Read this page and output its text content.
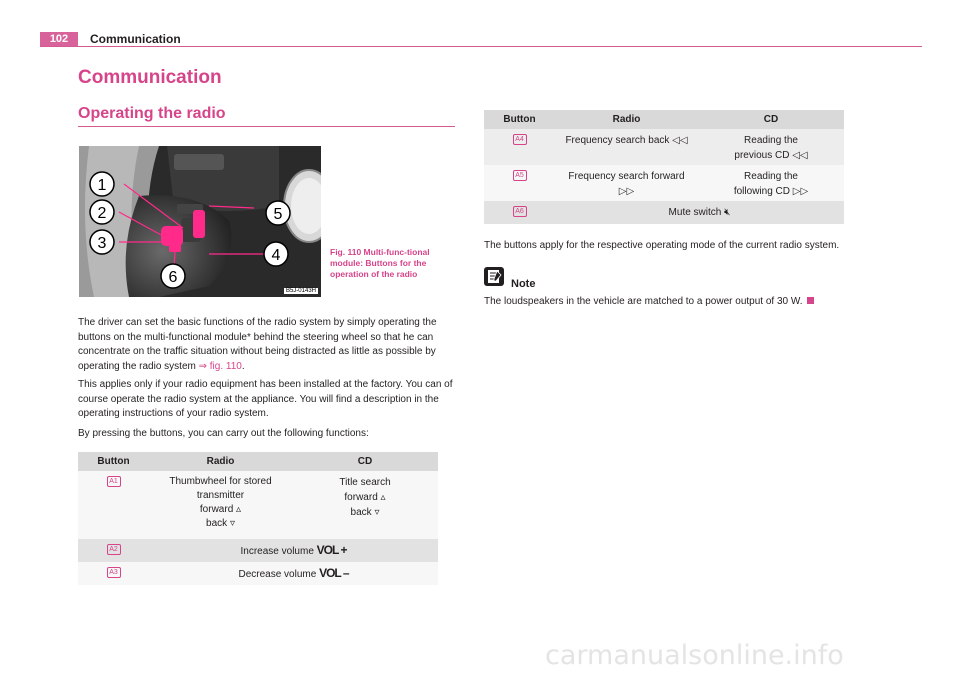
102	Communication
Communication
Operating the radio
1
2
3
4
5
6
B5J-0143H
Fig. 110 Multi-func-tional module: Buttons for the operation of the radio
The driver can set the basic functions of the radio system by simply operating the buttons on the multi-functional module* behind the steering wheel so that he can concentrate on the traffic situation without being distracted as little as possible by operating the radio system ⇒ fig. 110.
This applies only if your radio equipment has been installed at the factory. You can of course operate the radio system at the appliance. You will find a description in the operating instructions of your radio system.
By pressing the buttons, you can carry out the following functions:
Button	Radio	CD
A1	Thumbwheel for stored
transmitter
forward ▵
back ▿	Title search
forward ▵
back ▿

A2	Increase volume VOL +	

A3	Decrease volume VOL –	
Button	Radio	CD
A4	Frequency search back ◁◁	Reading the
previous CD ◁◁

A5	Frequency search forward
▷▷	Reading the
following CD ▷▷

A6	Mute switch 🔇︎	
The buttons apply for the respective operating mode of the current radio system.
Note
The loudspeakers in the vehicle are matched to a power output of 30 W.
carmanualsonline.info
